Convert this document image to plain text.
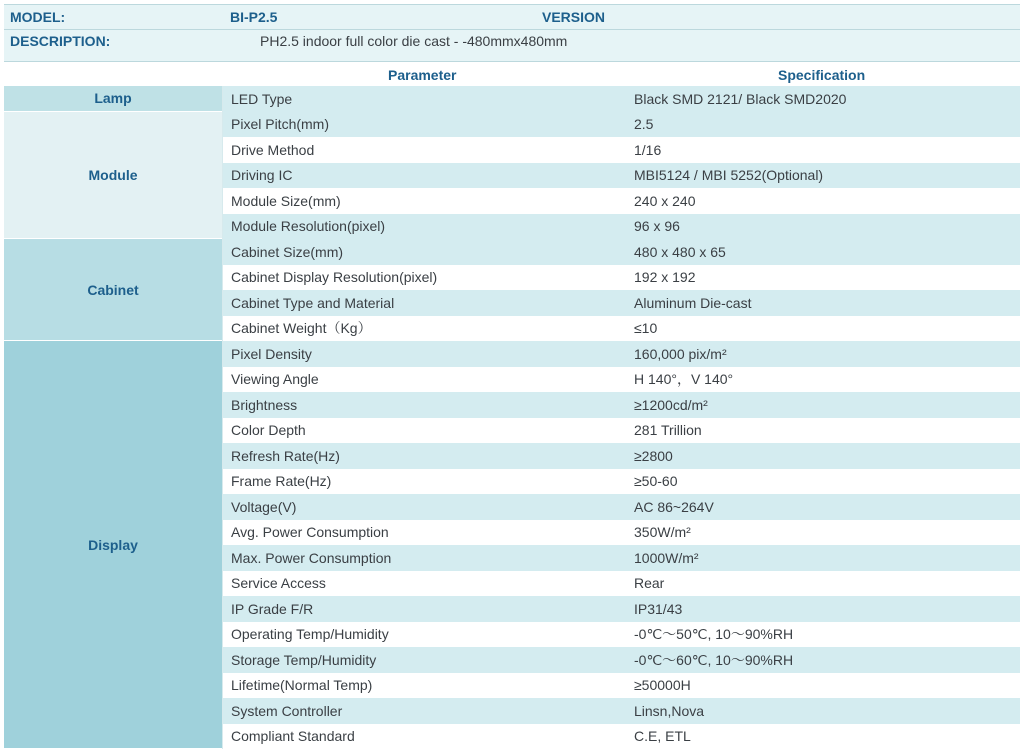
MODEL:	BI-P2.5	VERSION
DESCRIPTION:	PH2.5 indoor full color die cast - -480mmx480mm
Parameter	Specification
Lamp	LED Type	Black SMD 2121/ Black SMD2020
Module
Pixel Pitch(mm)	2.5
Drive Method	1/16
Driving IC	MBI5124 / MBI 5252(Optional)
Module Size(mm)	240 x 240
Module Resolution(pixel)	96 x 96
Cabinet
Cabinet Size(mm)	480 x 480 x 65
Cabinet Display Resolution(pixel)	192 x 192
Cabinet Type and Material	Aluminum Die-cast
Cabinet Weight（Kg）	≤10
Display
Pixel Density	160,000 pix/m²
Viewing Angle	H 140°，V 140°
Brightness	≥1200cd/m²
Color Depth	281 Trillion
Refresh Rate(Hz)	≥2800
Frame Rate(Hz)	≥50-60
Voltage(V)	AC 86~264V
Avg. Power Consumption	350W/m²
Max. Power Consumption	1000W/m²
Service Access	Rear
IP Grade F/R	IP31/43
Operating Temp/Humidity	-0℃～50℃, 10～90%RH
Storage Temp/Humidity	-0℃～60℃, 10～90%RH
Lifetime(Normal Temp)	≥50000H
System Controller	Linsn,Nova
Compliant Standard	C.E, ETL
